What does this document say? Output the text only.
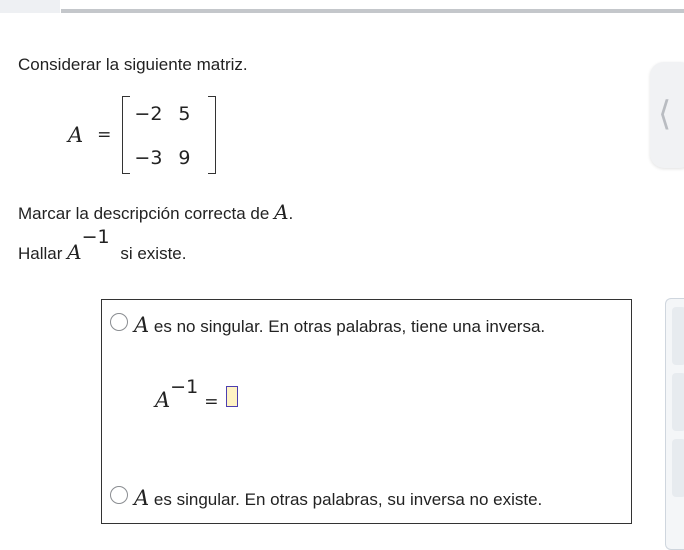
Considerar la siguiente matriz.
A =
−2 5
−3 9
⟨
Marcar la descripción correcta de A.
Hallar A−1 si existe.
A es no singular. En otras palabras, tiene una inversa.
A
−1
=
A es singular. En otras palabras, su inversa no existe.
